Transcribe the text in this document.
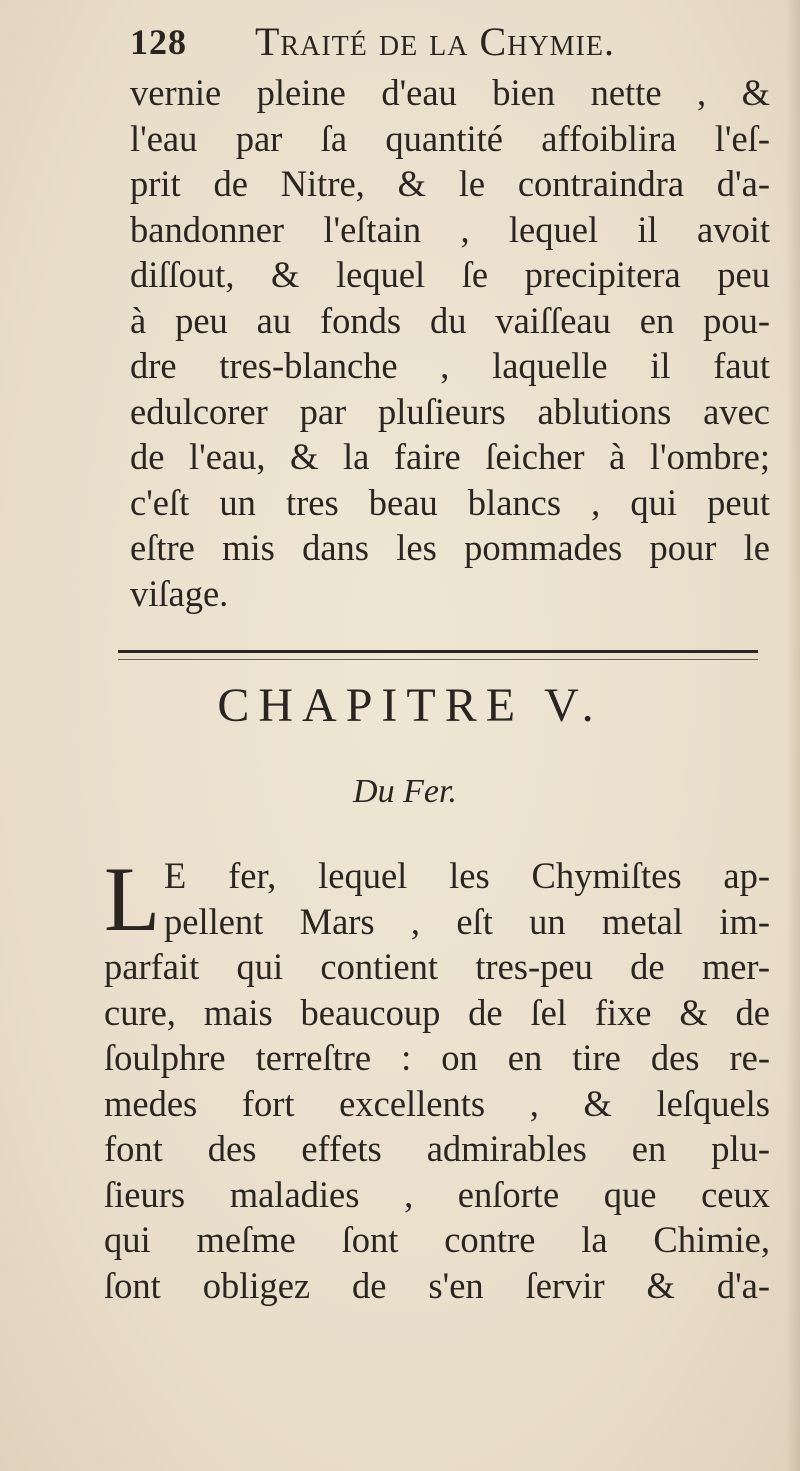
128 Traité de la Chymie.
vernie pleine d'eau bien nette , &
l'eau par ſa quantité affoiblira l'eſ-
prit de Nitre, & le contraindra d'a-
bandonner l'eſtain , lequel il avoit
diſſout, & lequel ſe precipitera peu
à peu au fonds du vaiſſeau en pou-
dre tres-blanche , laquelle il faut
edulcorer par pluſieurs ablutions avec
de l'eau, & la faire ſeicher à l'ombre;
c'eſt un tres beau blancs , qui peut
eſtre mis dans les pommades pour le
viſage.
CHAPITRE V.
Du Fer.
L E fer, lequel les Chymiſtes ap-
pellent Mars , eſt un metal im-
parfait qui contient tres-peu de mer-
cure, mais beaucoup de ſel fixe & de
ſoulphre terreſtre : on en tire des re-
medes fort excellents , & leſquels
font des effets admirables en plu-
ſieurs maladies , enſorte que ceux
qui meſme ſont contre la Chimie,
ſont obligez de s'en ſervir & d'a-
